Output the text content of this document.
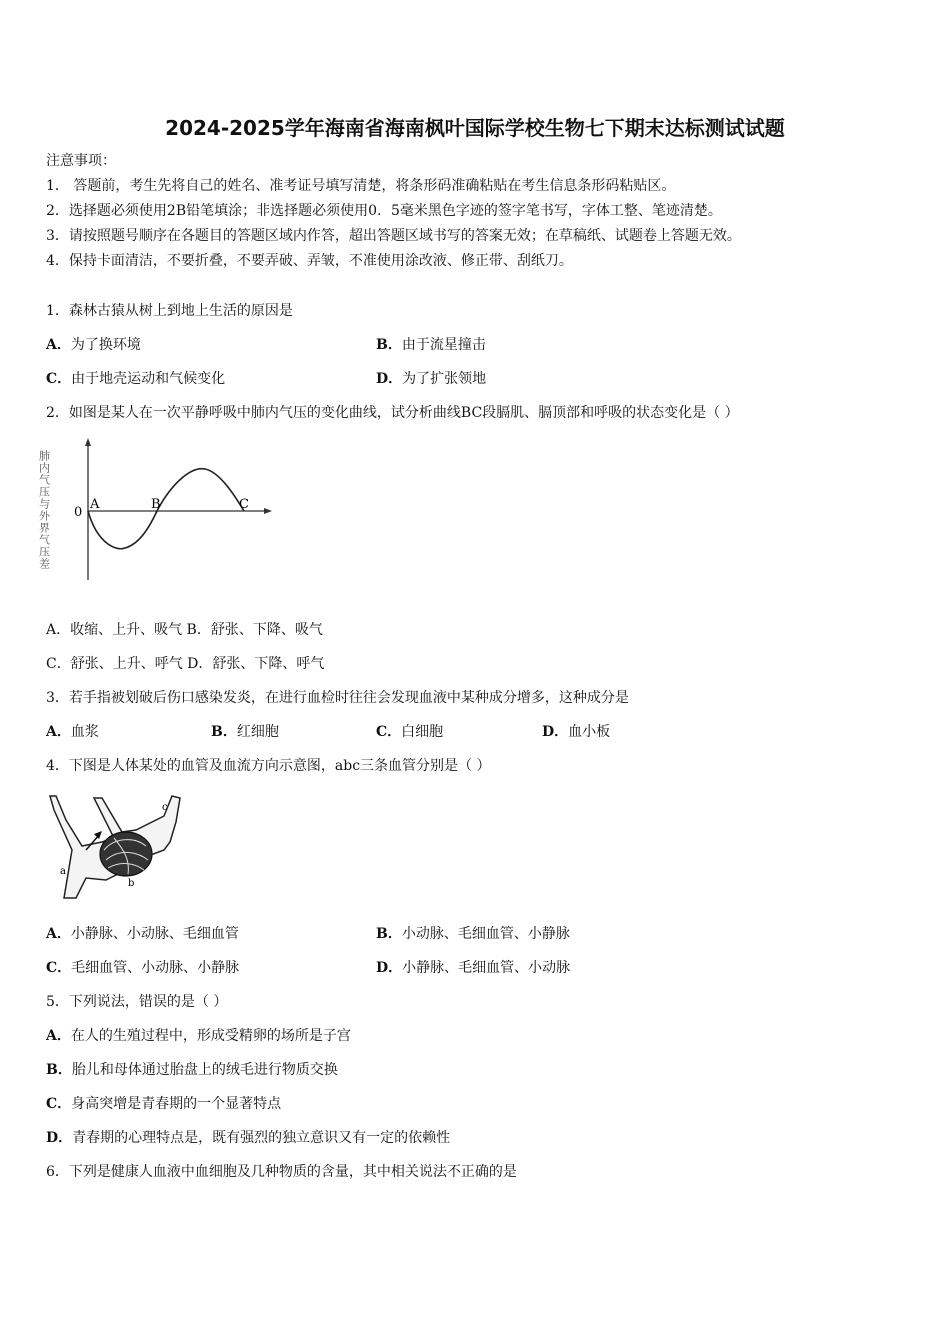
2024-2025学年海南省海南枫叶国际学校生物七下期末达标测试试题
注意事项：
1． 答题前，考生先将自己的姓名、准考证号填写清楚，将条形码准确粘贴在考生信息条形码粘贴区。
2．选择题必须使用2B铅笔填涂；非选择题必须使用0．5毫米黑色字迹的签字笔书写，字体工整、笔迹清楚。
3．请按照题号顺序在各题目的答题区域内作答，超出答题区域书写的答案无效；在草稿纸、试题卷上答题无效。
4．保持卡面清洁，不要折叠，不要弄破、弄皱，不准使用涂改液、修正带、刮纸刀。
1．森林古猿从树上到地上生活的原因是
A．为了换环境	B．由于流星撞击
C．由于地壳运动和气候变化	D．为了扩张领地
2．如图是某人在一次平静呼吸中肺内气压的变化曲线，试分析曲线BC段膈肌、膈顶部和呼吸的状态变化是（ ）
肺内气压与外界气压差 0
A	B	C
A．收缩、上升、吸气 B．舒张、下降、吸气
C．舒张、上升、呼气 D．舒张、下降、呼气
3．若手指被划破后伤口感染发炎，在进行血检时往往会发现血液中某种成分增多，这种成分是
A．血浆	B．红细胞	C．白细胞	D．血小板
4．下图是人体某处的血管及血流方向示意图，abc三条血管分别是（ ）
a
b
c
A．小静脉、小动脉、毛细血管	B．小动脉、毛细血管、小静脉
C．毛细血管、小动脉、小静脉	D．小静脉、毛细血管、小动脉
5．下列说法，错误的是（ ）
A．在人的生殖过程中，形成受精卵的场所是子宫
B．胎儿和母体通过胎盘上的绒毛进行物质交换
C．身高突增是青春期的一个显著特点
D．青春期的心理特点是，既有强烈的独立意识又有一定的依赖性
6．下列是健康人血液中血细胞及几种物质的含量，其中相关说法不正确的是
